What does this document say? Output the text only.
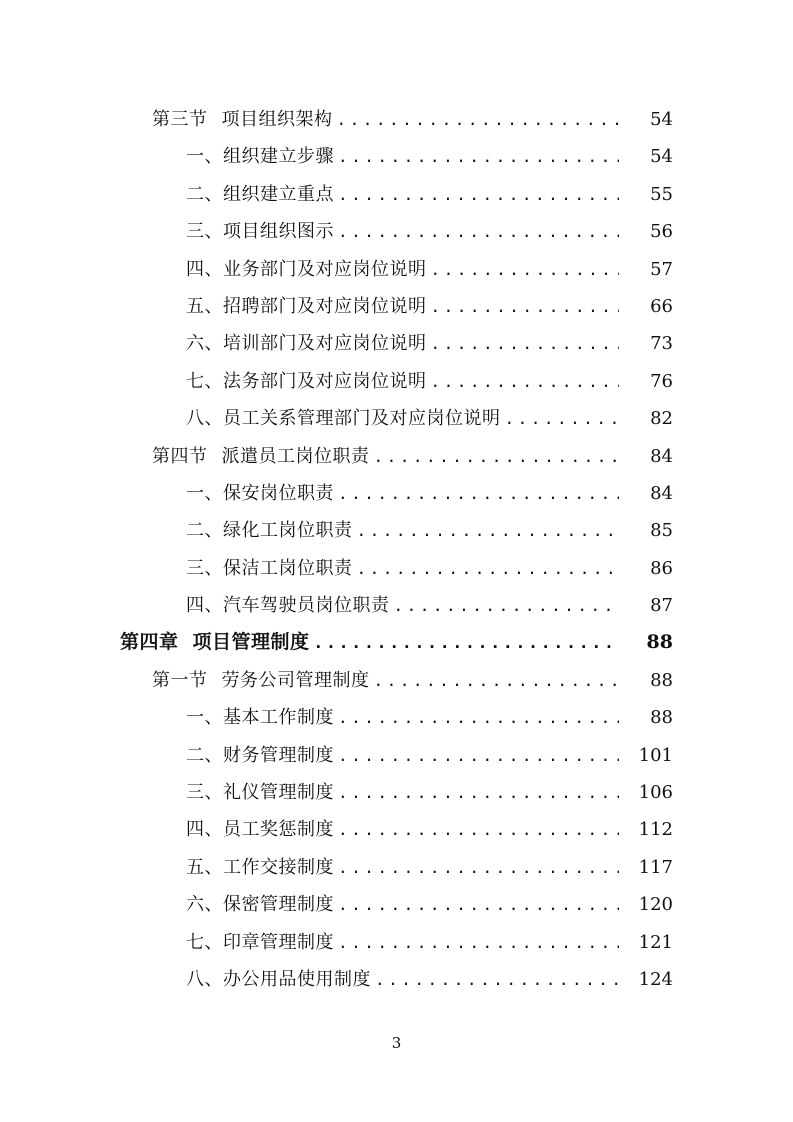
第三节 项目组织架构 .....	54
一、组织建立步骤 .....	54
二、组织建立重点 .....	55
三、项目组织图示 .....	56
四、业务部门及对应岗位说明 .....	57
五、招聘部门及对应岗位说明 .....	66
六、培训部门及对应岗位说明 .....	73
七、法务部门及对应岗位说明 .....	76
八、员工关系管理部门及对应岗位说明 .....	82
第四节 派遣员工岗位职责 .....	84
一、保安岗位职责 .....	84
二、绿化工岗位职责 .....	85
三、保洁工岗位职责 .....	86
四、汽车驾驶员岗位职责 .....	87
第四章 项目管理制度 .....	88
第一节 劳务公司管理制度 .....	88
一、基本工作制度 .....	88
二、财务管理制度 .....	101
三、礼仪管理制度 .....	106
四、员工奖惩制度 .....	112
五、工作交接制度 .....	117
六、保密管理制度 .....	120
七、印章管理制度 .....	121
八、办公用品使用制度 .....	124
3
